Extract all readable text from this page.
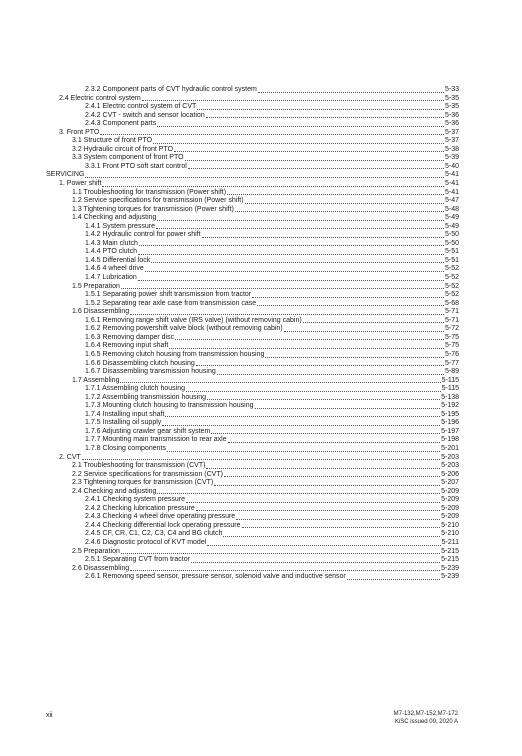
2.3.2 Component parts of CVT hydraulic control system	5-33
2.4 Electric control system	5-35
2.4.1 Electric control system of CVT	5-35
2.4.2 CVT - switch and sensor location	5-36
2.4.3 Component parts	5-36
3. Front PTO	5-37
3.1 Structure of front PTO	5-37
3.2 Hydraulic circuit of front PTO	5-38
3.3 System component of front PTO	5-39
3.3.1 Front PTO soft start control	5-40
SERVICING	5-41
1. Power shift	5-41
1.1 Troubleshooting for transmission (Power shift)	5-41
1.2 Service specifications for transmission (Power shift)	5-47
1.3 Tightening torques for transmission (Power shift)	5-48
1.4 Checking and adjusting	5-49
1.4.1 System pressure	5-49
1.4.2 Hydraulic control for power shift	5-50
1.4.3 Main clutch	5-50
1.4.4 PTO clutch	5-51
1.4.5 Differential lock	5-51
1.4.6 4 wheel drive	5-52
1.4.7 Lubrication	5-52
1.5 Preparation	5-52
1.5.1 Separating power shift transmission from tractor	5-52
1.5.2 Separating rear axle case from transmission case	5-68
1.6 Disassembling	5-71
1.6.1 Removing range shift valve (IRS valve) (without removing cabin)	5-71
1.6.2 Removing powershift valve block (without removing cabin)	5-72
1.6.3 Removing damper disc	5-75
1.6.4 Removing input shaft	5-75
1.6.5 Removing clutch housing from transmission housing	5-76
1.6.6 Disassembling clutch housing	5-77
1.6.7 Disassembling transmission housing	5-89
1.7 Assembling	5-115
1.7.1 Assembling clutch housing	5-115
1.7.2 Assembling transmission housing	5-138
1.7.3 Mounting clutch housing to transmission housing	5-192
1.7.4 Installing input shaft	5-195
1.7.5 Installing oil supply	5-196
1.7.6 Adjusting crawler gear shift system	5-197
1.7.7 Mounting main transmission to rear axle	5-198
1.7.8 Closing components	5-201
2. CVT	5-203
2.1 Troubleshooting for transmission (CVT)	5-203
2.2 Service specifications for transmission (CVT)	5-206
2.3 Tightening torques for transmission (CVT)	5-207
2.4 Checking and adjusting	5-209
2.4.1 Checking system pressure	5-209
2.4.2 Checking lubrication pressure	5-209
2.4.3 Checking 4 wheel drive operating pressure	5-209
2.4.4 Checking differential lock operating pressure	5-210
2.4.5 CF, CR, C1, C2, C3, C4 and BG clutch	5-210
2.4.6 Diagnostic protocol of KVT model	5-211
2.5 Preparation	5-215
2.5.1 Separating CVT from tractor	5-215
2.6 Disassembling	5-239
2.6.1 Removing speed sensor, pressure sensor, solenoid valve and inductive sensor	5-239
xii	M7-132,M7-152,M7-172
KiSC issued 09, 2020 A
